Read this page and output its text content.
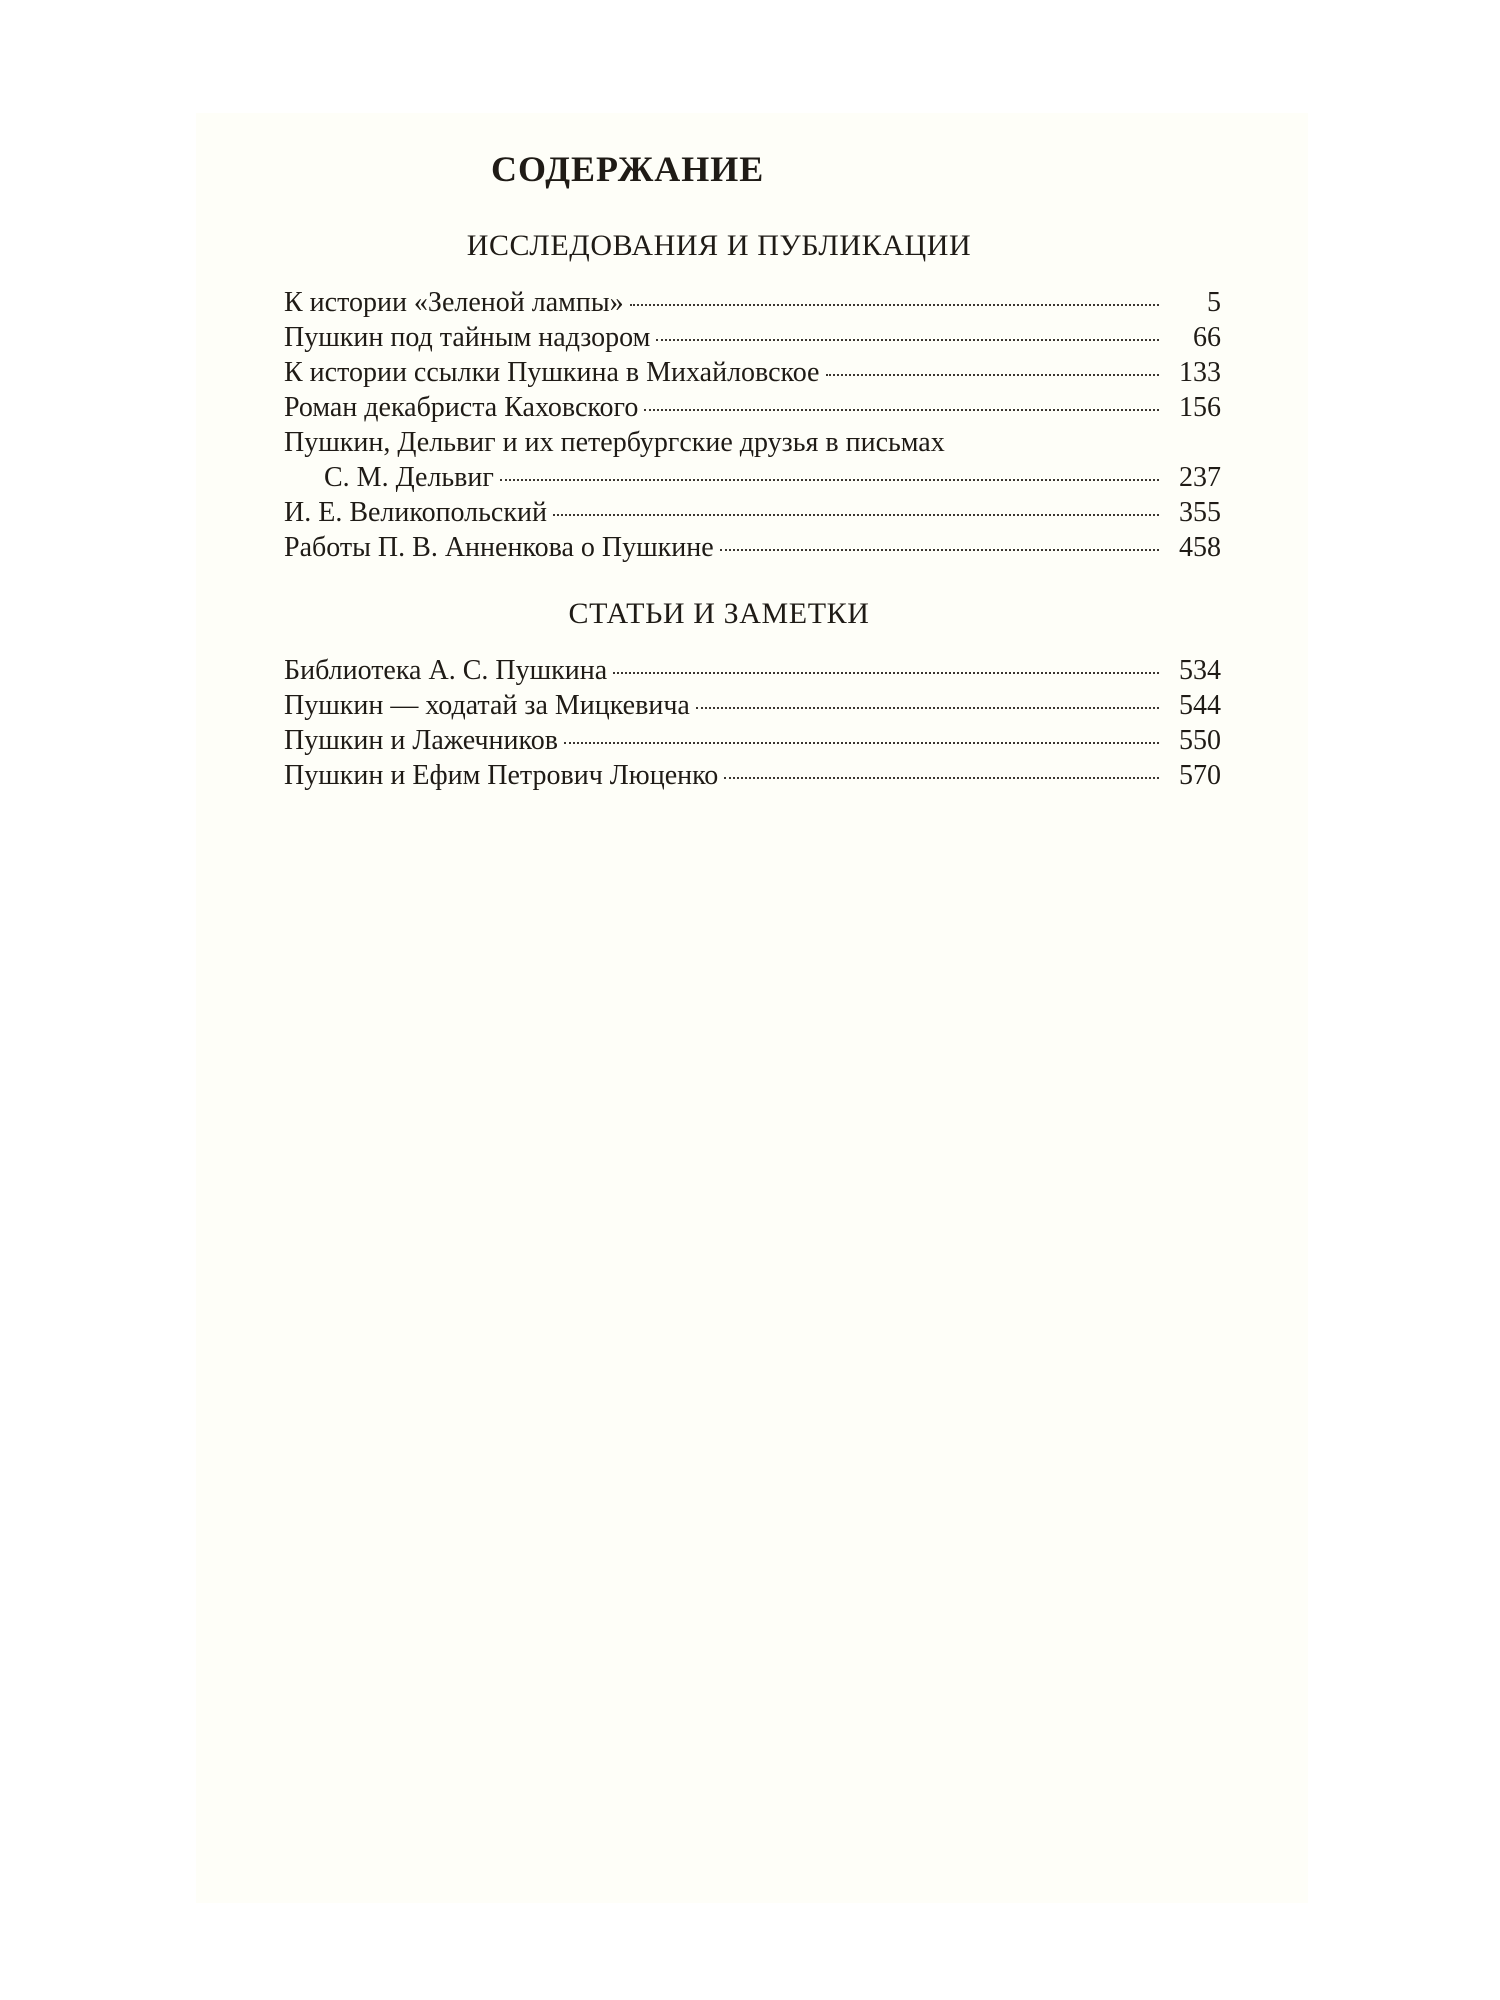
СОДЕРЖАНИЕ
ИССЛЕДОВАНИЯ И ПУБЛИКАЦИИ
К истории «Зеленой лампы»	5
Пушкин под тайным надзором	66
К истории ссылки Пушкина в Михайловское	133
Роман декабриста Каховского	156
Пушкин, Дельвиг и их петербургские друзья в письмах
С. М. Дельвиг	237
И. Е. Великопольский	355
Работы П. В. Анненкова о Пушкине	458
СТАТЬИ И ЗАМЕТКИ
Библиотека А. С. Пушкина	534
Пушкин — ходатай за Мицкевича	544
Пушкин и Лажечников	550
Пушкин и Ефим Петрович Люценко	570
